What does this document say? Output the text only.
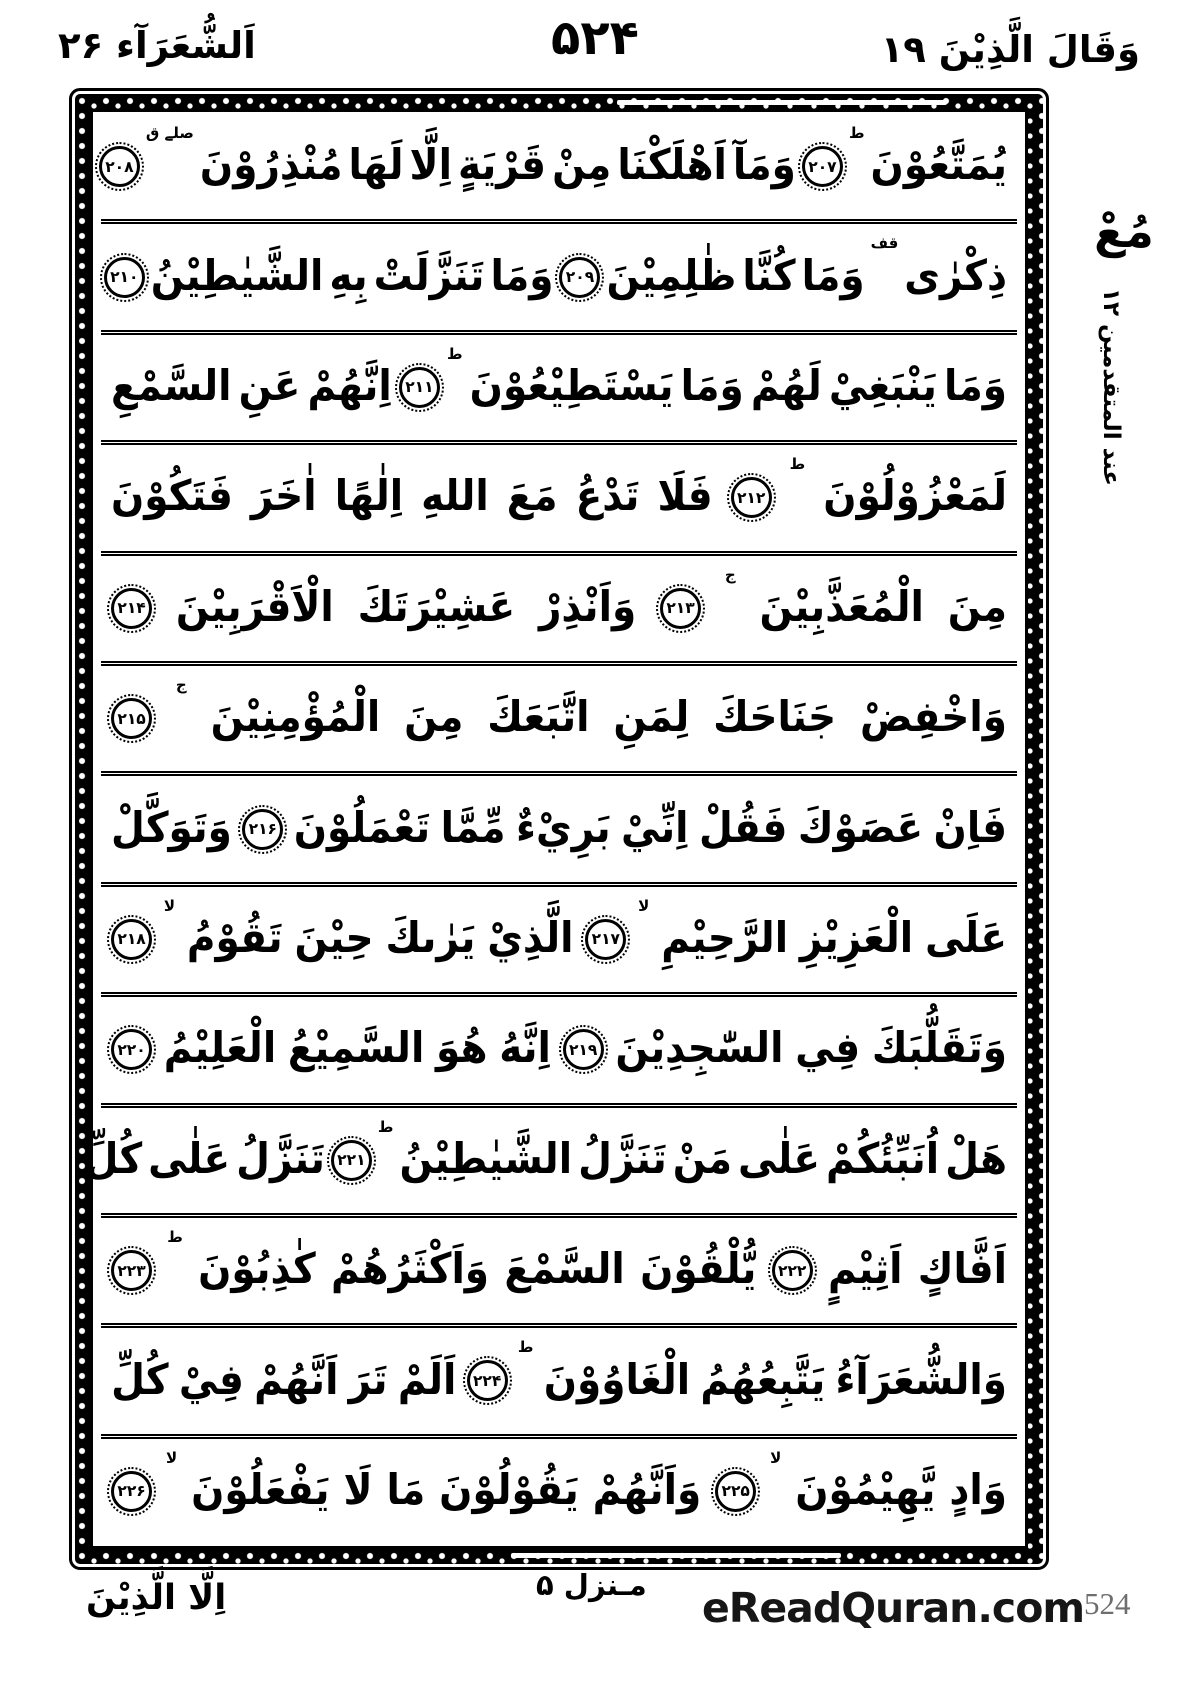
اَلشُّعَرَآء ۲۶	۵۲۴	وَقَالَ الَّذِيْنَ ۱۹
يُمَتَّعُوْنَ
ط
۲۰۷
وَمَآ
اَهْلَكْنَا
مِنْ
قَرْيَةٍ
اِلَّا
لَهَا
مُنْذِرُوْنَ
صلے ق
۲۰۸
ذِكْرٰى
قف
وَمَا
كُنَّا
ظٰلِمِيْنَ
۲۰۹
وَمَا
تَنَزَّلَتْ
بِهِ
الشَّيٰطِيْنُ
۲۱۰
وَمَا
يَنْبَغِيْ
لَهُمْ
وَمَا
يَسْتَطِيْعُوْنَ
ط
۲۱۱
اِنَّهُمْ
عَنِ
السَّمْعِ
لَمَعْزُوْلُوْنَ
ط
۲۱۲
فَلَا
تَدْعُ
مَعَ
اللهِ
اِلٰهًا
اٰخَرَ
فَتَكُوْنَ
مِنَ
الْمُعَذَّبِيْنَ
ج
۲۱۳
وَاَنْذِرْ
عَشِيْرَتَكَ
الْاَقْرَبِيْنَ
۲۱۴
وَاخْفِضْ
جَنَاحَكَ
لِمَنِ
اتَّبَعَكَ
مِنَ
الْمُؤْمِنِيْنَ
ج
۲۱۵
فَاِنْ
عَصَوْكَ
فَقُلْ
اِنِّيْ
بَرِيْءٌ
مِّمَّا
تَعْمَلُوْنَ
۲۱۶
وَتَوَكَّلْ
عَلَى
الْعَزِيْزِ
الرَّحِيْمِ
لا
۲۱۷
الَّذِيْ
يَرٰىكَ
حِيْنَ
تَقُوْمُ
لا
۲۱۸
وَتَقَلُّبَكَ
فِي
السّٰجِدِيْنَ
۲۱۹
اِنَّهُ
هُوَ
السَّمِيْعُ
الْعَلِيْمُ
۲۲۰
هَلْ
اُنَبِّئُكُمْ
عَلٰى
مَنْ
تَنَزَّلُ
الشَّيٰطِيْنُ
ط
۲۲۱
تَنَزَّلُ
عَلٰى
كُلِّ
اَفَّاكٍ
اَثِيْمٍ
۲۲۲
يُّلْقُوْنَ
السَّمْعَ
وَاَكْثَرُهُمْ
كٰذِبُوْنَ
ط
۲۲۳
وَالشُّعَرَآءُ
يَتَّبِعُهُمُ
الْغَاوُوْنَ
ط
۲۲۴
اَلَمْ
تَرَ
اَنَّهُمْ
فِيْ
كُلِّ
وَادٍ
يَّهِيْمُوْنَ
لا
۲۲۵
وَاَنَّهُمْ
يَقُوْلُوْنَ
مَا
لَا
يَفْعَلُوْنَ
لا
۲۲۶
مُعْ
عند المتقدمين ۱۲
اِلَّا الَّذِيْنَ	مـنزل ۵ eReadQuran.com 524
